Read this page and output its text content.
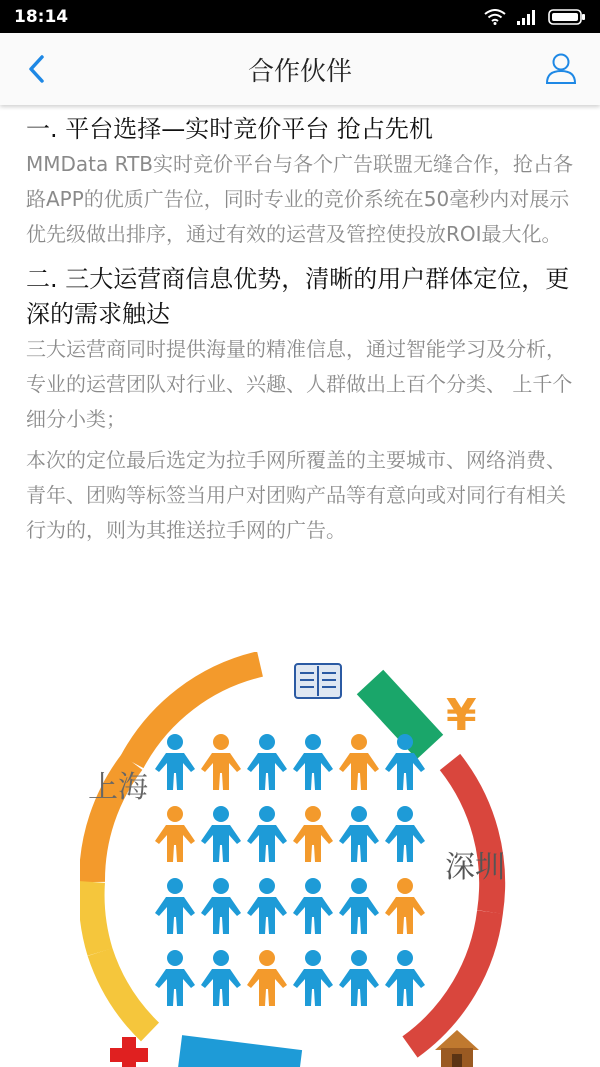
18:14
合作伙伴
一. 平台选择—实时竞价平台 抢占先机

MMData RTB实时竞价平台与各个广告联盟无缝合作，抢占各路APP的优质广告位，同时专业的竞价系统在50毫秒内对展示优先级做出排序，通过有效的运营及管控使投放ROI最大化。

二. 三大运营商信息优势，清晰的用户群体定位，更深的需求触达

三大运营商同时提供海量的精准信息，通过智能学习及分析，专业的运营团队对行业、兴趣、人群做出上百个分类、 上千个细分小类；

本次的定位最后选定为拉手网所覆盖的主要城市、网络消费、青年、团购等标签当用户对团购产品等有意向或对同行有相关行为的，则为其推送拉手网的广告。

¥
上海
深圳
